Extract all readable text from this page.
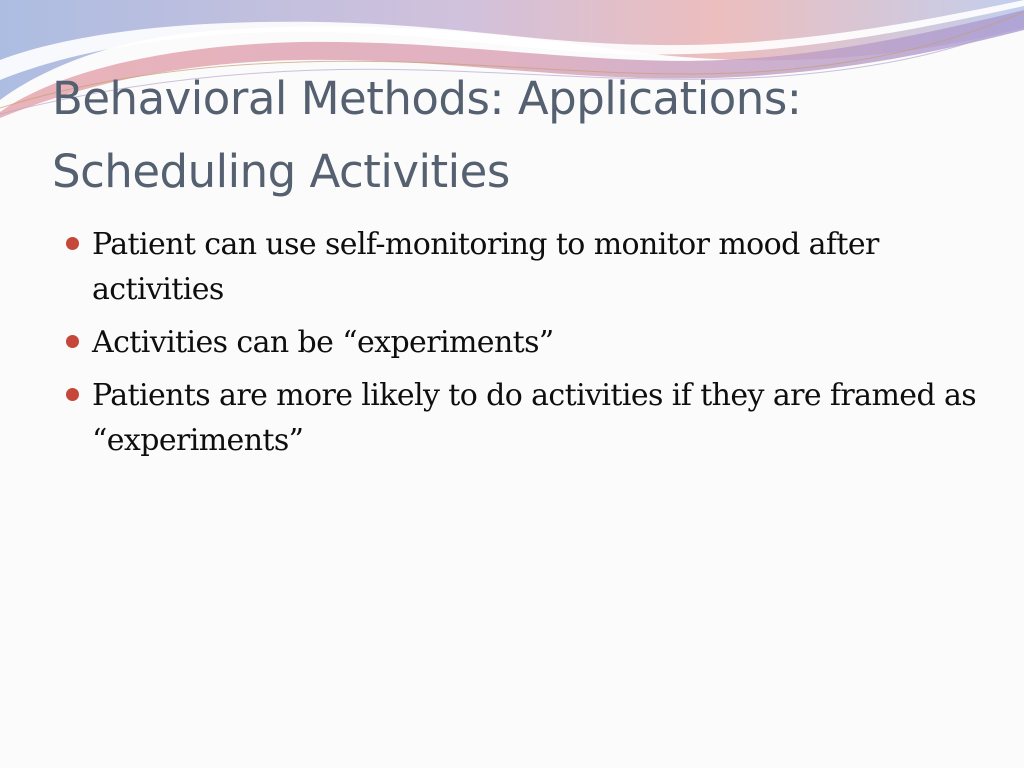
Behavioral Methods: Applications:
Scheduling Activities
Patient can use self-monitoring to monitor mood after activities
Activities can be “experiments”
Patients are more likely to do activities if they are framed as “experiments”
